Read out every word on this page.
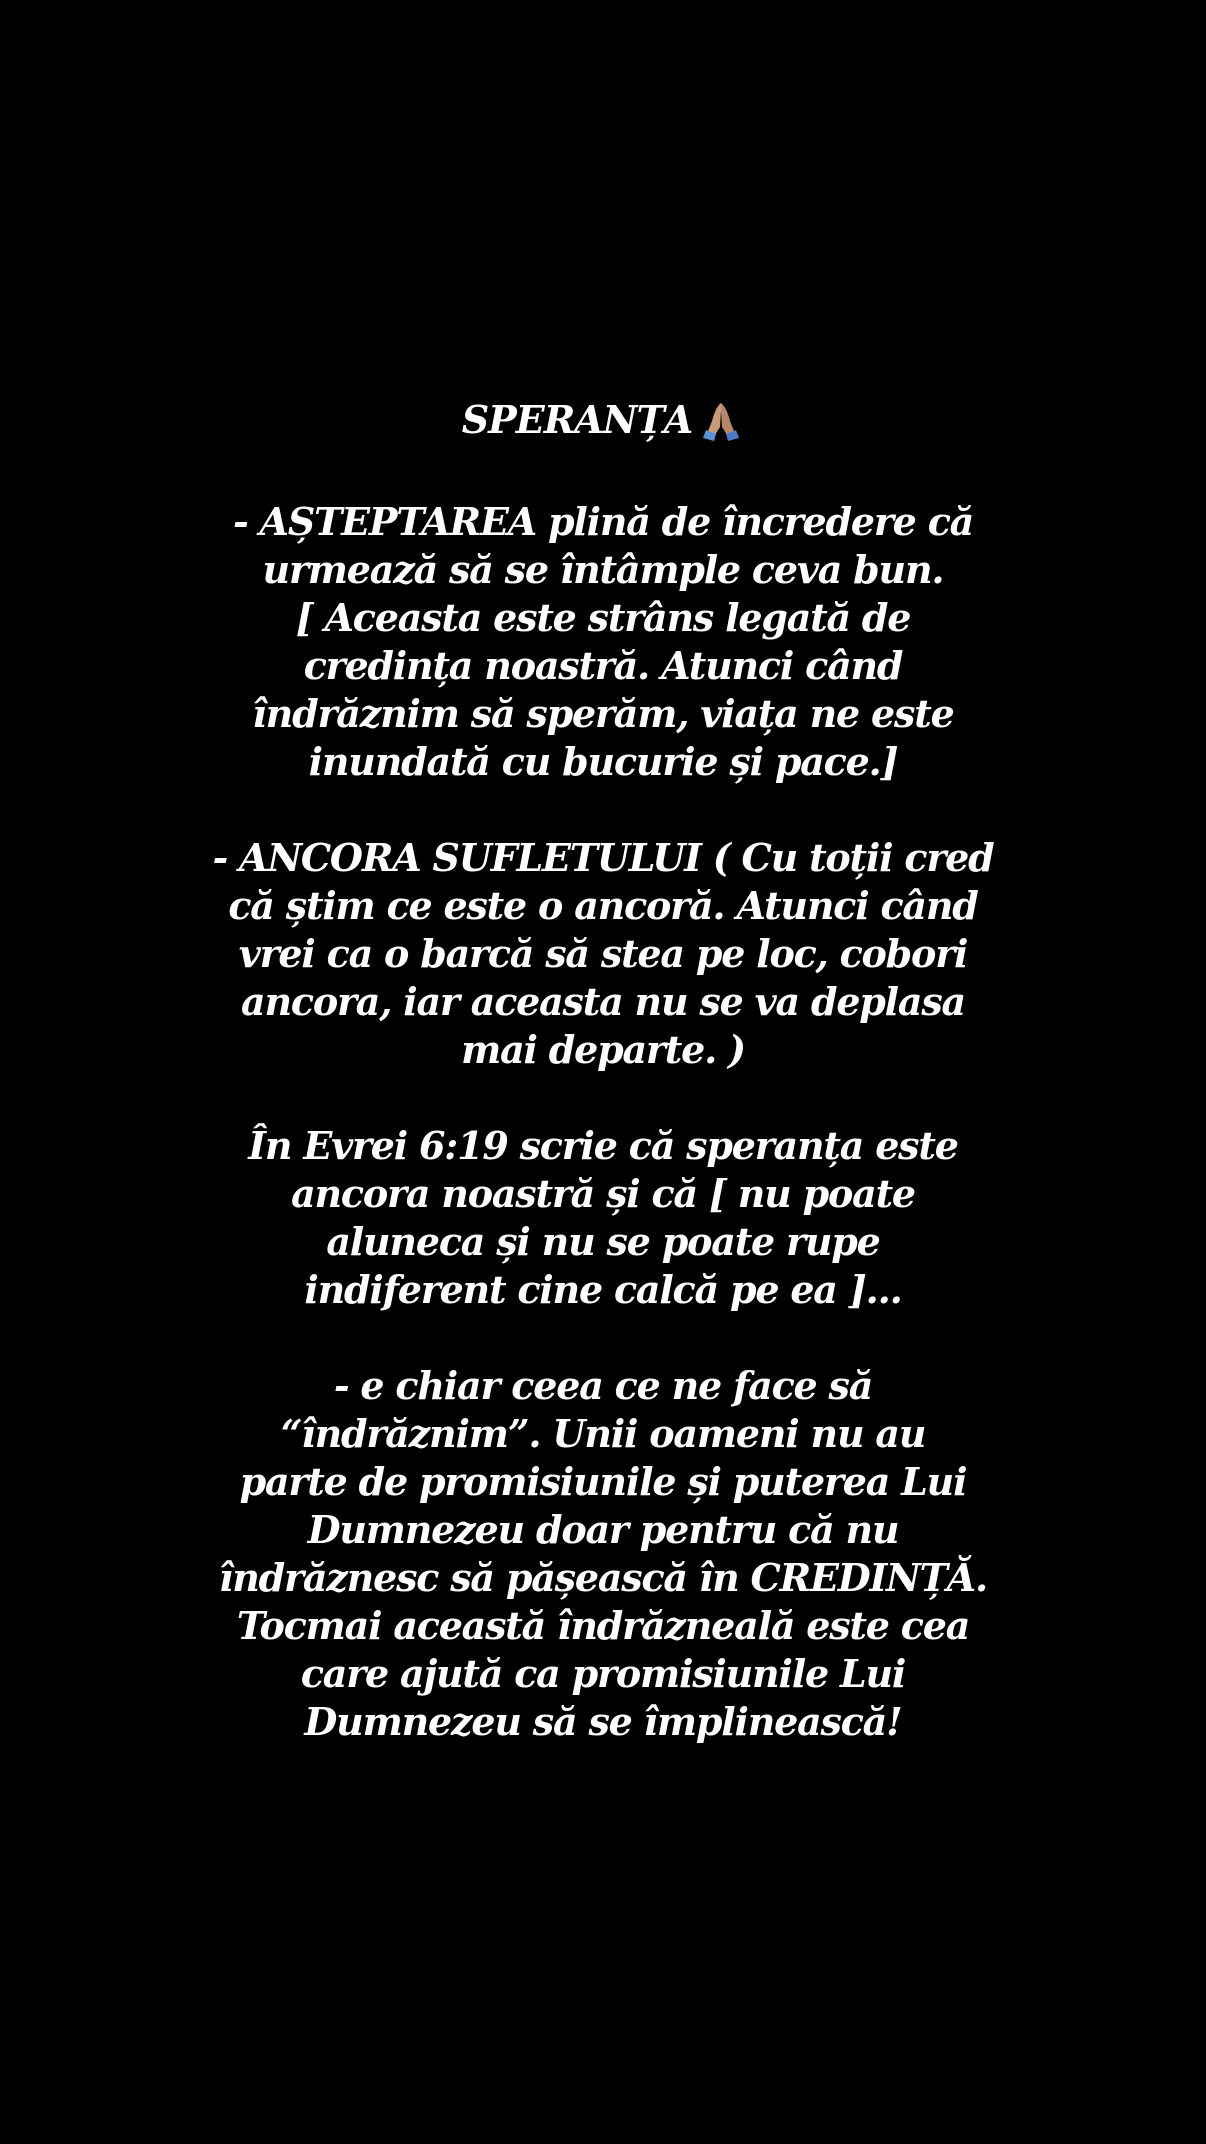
SPERANȚA
- AȘTEPTAREA plină de încredere că
urmează să se întâmple ceva bun.
[ Aceasta este strâns legată de
credința noastră. Atunci când
îndrăznim să sperăm, viața ne este
inundată cu bucurie și pace.]
- ANCORA SUFLETULUI ( Cu toții cred
că știm ce este o ancoră. Atunci când
vrei ca o barcă să stea pe loc, cobori
ancora, iar aceasta nu se va deplasa
mai departe. )
În Evrei 6:19 scrie că speranța este
ancora noastră și că [ nu poate
aluneca și nu se poate rupe
indiferent cine calcă pe ea ]...
- e chiar ceea ce ne face să
“îndrăznim”. Unii oameni nu au
parte de promisiunile și puterea Lui
Dumnezeu doar pentru că nu
îndrăznesc să pășească în CREDINȚĂ.
Tocmai această îndrăzneală este cea
care ajută ca promisiunile Lui
Dumnezeu să se împlinească!
